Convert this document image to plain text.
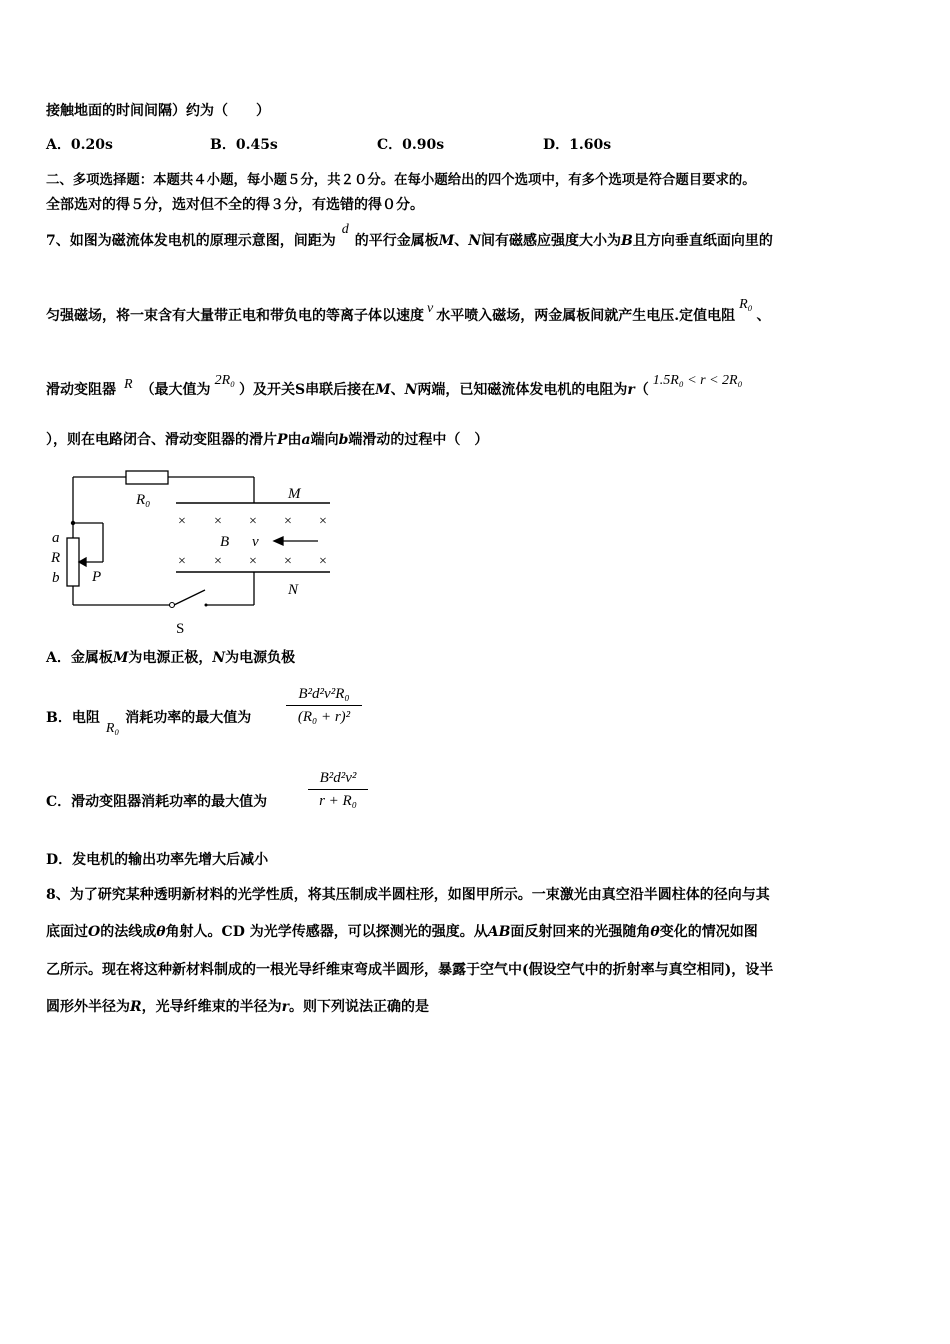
接触地面的时间间隔）约为（　　）
A．0.20s	B．0.45s	C．0.90s	D．1.60s
二、多项选择题：本题共４小题，每小题５分，共２０分。在每小题给出的四个选项中，有多个选项是符合题目要求的。
全部选对的得５分，选对但不全的得３分，有选错的得０分。
7、如图为磁流体发电机的原理示意图，间距为d的平行金属板M、N间有磁感应强度大小为B且方向垂直纸面向里的
匀强磁场，将一束含有大量带正电和带负电的等离子体以速度 v 水平喷入磁场，两金属板间就产生电压.定值电阻R₀、
滑动变阻器 R （最大值为2R₀）及开关S串联后接在M、N两端，已知磁流体发电机的电阻为r（1.5R₀ < r < 2R₀
），则在电路闭合、滑动变阻器的滑片P由a端向b端滑动的过程中（　）
× × × × ×
× × × × ×
R₀	M
N
a
R
b P
B v
S
A．金属板M为电源正极，N为电源负极
B．电阻R₀消耗功率的最大值为
B²d²v²R₀
(R₀ + r)²
C．滑动变阻器消耗功率的最大值为
B²d²v²
r + R₀
D．发电机的输出功率先增大后减小
8、为了研究某种透明新材料的光学性质，将其压制成半圆柱形，如图甲所示。一束激光由真空沿半圆柱体的径向与其
底面过O的法线成θ角射人。CD 为光学传感器，可以探测光的强度。从AB面反射回来的光强随角θ变化的情况如图
乙所示。现在将这种新材料制成的一根光导纤维束弯成半圆形，暴露于空气中(假设空气中的折射率与真空相同)，设半
圆形外半径为R，光导纤维束的半径为r。则下列说法正确的是
